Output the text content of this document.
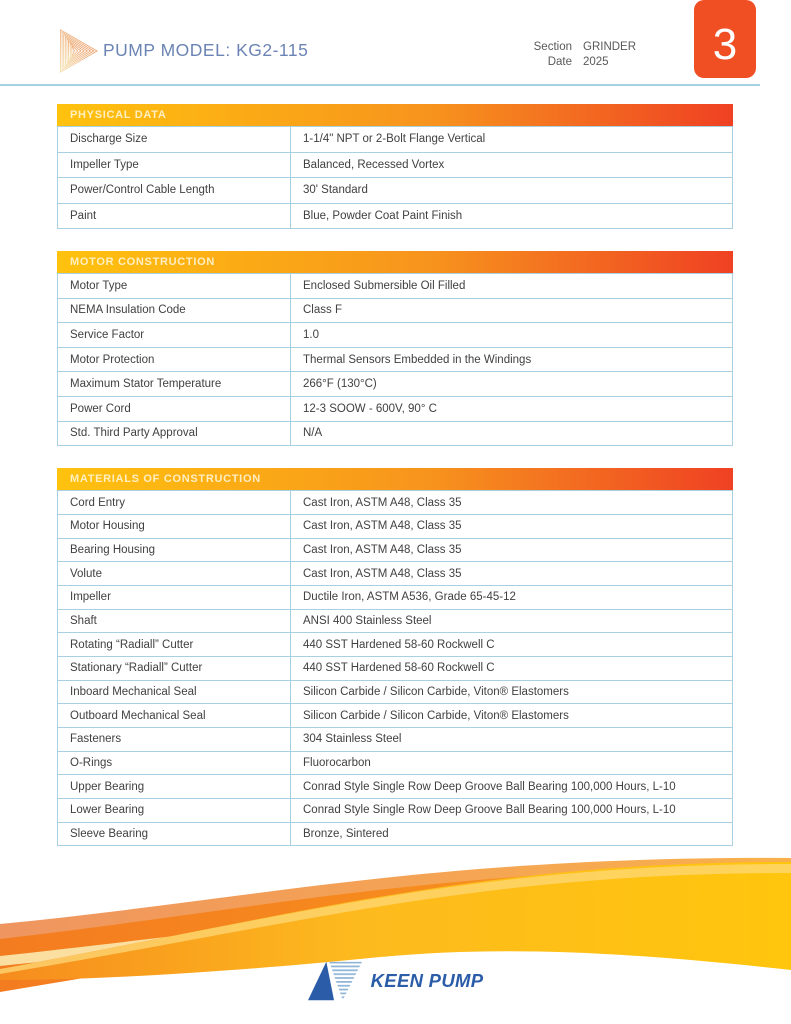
PUMP MODEL: KG2-115	Section GRINDER
Date 2025	3
PHYSICAL DATA
Discharge Size	1-1/4" NPT or 2-Bolt Flange Vertical
Impeller Type	Balanced, Recessed Vortex
Power/Control Cable Length	30' Standard
Paint	Blue, Powder Coat Paint Finish
MOTOR CONSTRUCTION
Motor Type	Enclosed Submersible Oil Filled
NEMA Insulation Code	Class F
Service Factor	1.0
Motor Protection	Thermal Sensors Embedded in the Windings
Maximum Stator Temperature	266°F (130°C)
Power Cord	12-3 SOOW - 600V, 90° C
Std. Third Party Approval	N/A
MATERIALS OF CONSTRUCTION
Cord Entry	Cast Iron, ASTM A48, Class 35
Motor Housing	Cast Iron, ASTM A48, Class 35
Bearing Housing	Cast Iron, ASTM A48, Class 35
Volute	Cast Iron, ASTM A48, Class 35
Impeller	Ductile Iron, ASTM A536, Grade 65-45-12
Shaft	ANSI 400 Stainless Steel
Rotating “Radiall” Cutter	440 SST Hardened 58-60 Rockwell C
Stationary “Radiall” Cutter	440 SST Hardened 58-60 Rockwell C
Inboard Mechanical Seal	Silicon Carbide / Silicon Carbide, Viton® Elastomers
Outboard Mechanical Seal	Silicon Carbide / Silicon Carbide, Viton® Elastomers
Fasteners	304 Stainless Steel
O-Rings	Fluorocarbon
Upper Bearing	Conrad Style Single Row Deep Groove Ball Bearing 100,000 Hours, L-10
Lower Bearing	Conrad Style Single Row Deep Groove Ball Bearing 100,000 Hours, L-10
Sleeve Bearing	Bronze, Sintered
KEEN PUMP
